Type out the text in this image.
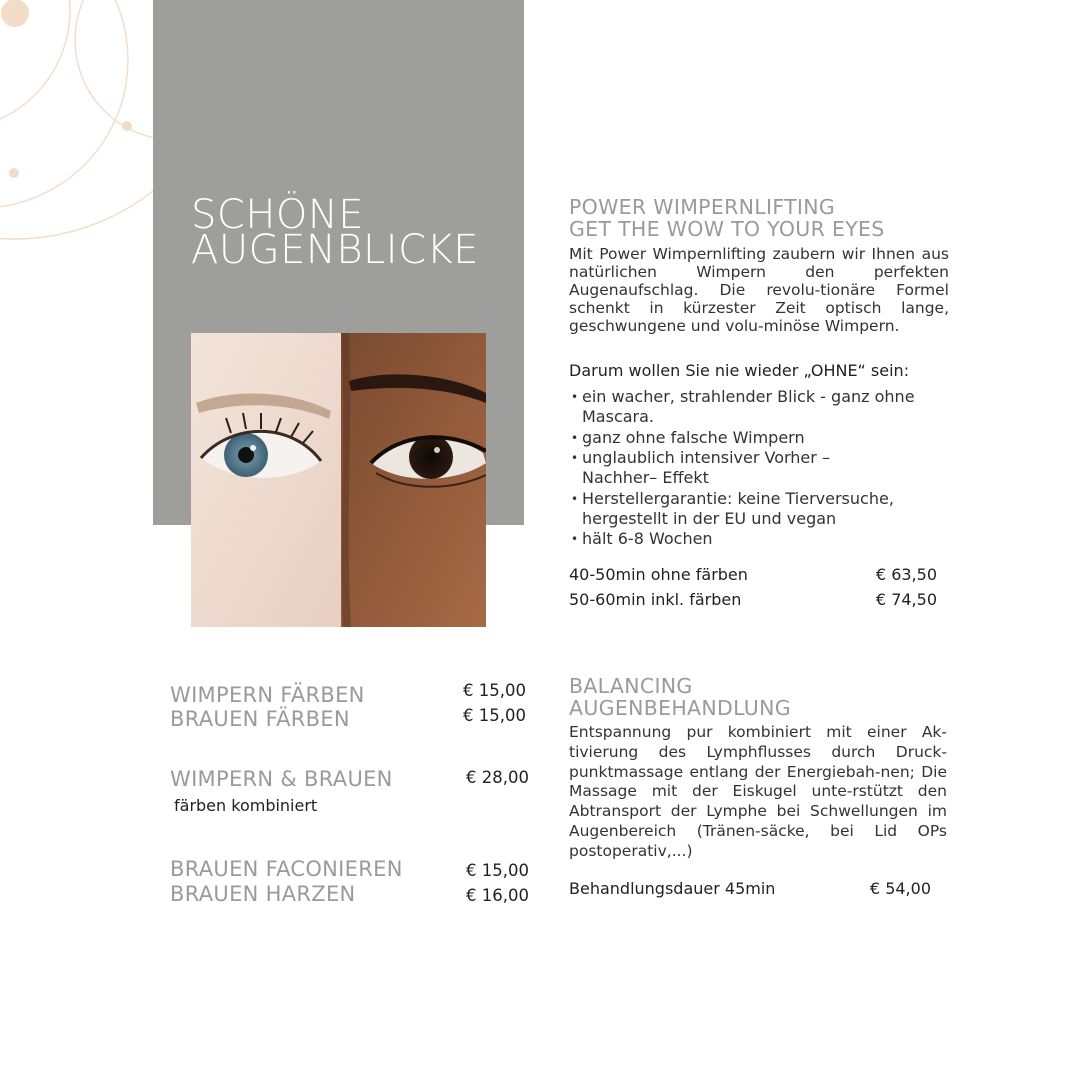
SCHÖNE
AUGENBLICKE
POWER WIMPERNLIFTING
GET THE WOW TO YOUR EYES
Mit Power Wimpernlifting zaubern wir Ihnen aus natürlichen Wimpern den perfekten Augenaufschlag. Die revolu-tionäre Formel schenkt in kürzester Zeit optisch lange, geschwungene und volu-minöse Wimpern.
Darum wollen Sie nie wieder „OHNE“ sein:
• ein wacher, strahlender Blick - ganz ohne Mascara.
• ganz ohne falsche Wimpern
• unglaublich intensiver Vorher – Nachher– Effekt
• Herstellergarantie: keine Tierversuche, hergestellt in der EU und vegan
• hält 6-8 Wochen
40-50min ohne färben	€ 63,50
50-60min inkl. färben	€ 74,50
WIMPERN FÄRBEN	€ 15,00
BRAUEN FÄRBEN	€ 15,00
WIMPERN & BRAUEN	€ 28,00
färben kombiniert
BRAUEN FACONIEREN	€ 15,00
BRAUEN HARZEN	€ 16,00
BALANCING
AUGENBEHANDLUNG
Entspannung pur kombiniert mit einer Ak-tivierung des Lymphflusses durch Druck-punktmassage entlang der Energiebah-nen; Die Massage mit der Eiskugel unte-rstützt den Abtransport der Lymphe bei Schwellungen im Augenbereich (Tränen-säcke, bei Lid OPs postoperativ,...)
Behandlungsdauer 45min	€ 54,00
